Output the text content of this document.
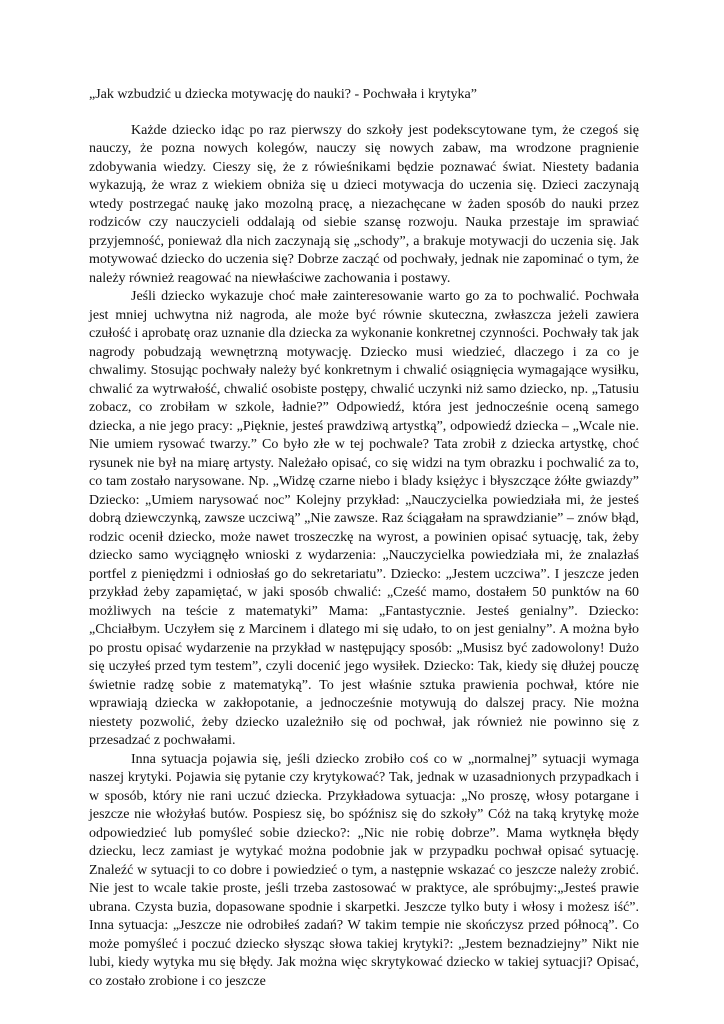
„Jak wzbudzić u dziecka motywację do nauki? - Pochwała i krytyka”

Każde dziecko idąc po raz pierwszy do szkoły jest podekscytowane tym, że czegoś się nauczy, że pozna nowych kolegów, nauczy się nowych zabaw, ma wrodzone pragnienie zdobywania wiedzy. Cieszy się, że z rówieśnikami będzie poznawać świat. Niestety badania wykazują, że wraz z wiekiem obniża się u dzieci motywacja do uczenia się. Dzieci zaczynają wtedy postrzegać naukę jako mozolną pracę, a niezachęcane w żaden sposób do nauki przez rodziców czy nauczycieli oddalają od siebie szansę rozwoju. Nauka przestaje im sprawiać przyjemność, ponieważ dla nich zaczynają się „schody”, a brakuje motywacji do uczenia się. Jak motywować dziecko do uczenia się? Dobrze zacząć od pochwały, jednak nie zapominać o tym, że należy również reagować na niewłaściwe zachowania i postawy.

Jeśli dziecko wykazuje choć małe zainteresowanie warto go za to pochwalić. Pochwała jest mniej uchwytna niż nagroda, ale może być równie skuteczna, zwłaszcza jeżeli zawiera czułość i aprobatę oraz uznanie dla dziecka za wykonanie konkretnej czynności. Pochwały tak jak nagrody pobudzają wewnętrzną motywację. Dziecko musi wiedzieć, dlaczego i za co je chwalimy. Stosując pochwały należy być konkretnym i chwalić osiągnięcia wymagające wysiłku, chwalić za wytrwałość, chwalić osobiste postępy, chwalić uczynki niż samo dziecko, np. „Tatusiu zobacz, co zrobiłam w szkole, ładnie?” Odpowiedź, która jest jednocześnie oceną samego dziecka, a nie jego pracy: „Pięknie, jesteś prawdziwą artystką”, odpowiedź dziecka – „Wcale nie. Nie umiem rysować twarzy.” Co było złe w tej pochwale? Tata zrobił z dziecka artystkę, choć rysunek nie był na miarę artysty. Należało opisać, co się widzi na tym obrazku i pochwalić za to, co tam zostało narysowane. Np. „Widzę czarne niebo i blady księżyc i błyszczące żółte gwiazdy” Dziecko: „Umiem narysować noc” Kolejny przykład: „Nauczycielka powiedziała mi, że jesteś dobrą dziewczynką, zawsze uczciwą” „Nie zawsze. Raz ściągałam na sprawdzianie” – znów błąd, rodzic ocenił dziecko, może nawet troszeczkę na wyrost, a powinien opisać sytuację, tak, żeby dziecko samo wyciągnęło wnioski z wydarzenia: „Nauczycielka powiedziała mi, że znalazłaś portfel z pieniędzmi i odniosłaś go do sekretariatu”. Dziecko: „Jestem uczciwa”. I jeszcze jeden przykład żeby zapamiętać, w jaki sposób chwalić: „Cześć mamo, dostałem 50 punktów na 60 możliwych na teście z matematyki” Mama: „Fantastycznie. Jesteś genialny”. Dziecko: „Chciałbym. Uczyłem się z Marcinem i dlatego mi się udało, to on jest genialny”. A można było po prostu opisać wydarzenie na przykład w następujący sposób: „Musisz być zadowolony! Dużo się uczyłeś przed tym testem”, czyli docenić jego wysiłek. Dziecko: Tak, kiedy się dłużej pouczę świetnie radzę sobie z matematyką”. To jest właśnie sztuka prawienia pochwał, które nie wprawiają dziecka w zakłopotanie, a jednocześnie motywują do dalszej pracy. Nie można niestety pozwolić, żeby dziecko uzależniło się od pochwał, jak również nie powinno się z przesadzać z pochwałami.

Inna sytuacja pojawia się, jeśli dziecko zrobiło coś co w „normalnej” sytuacji wymaga naszej krytyki. Pojawia się pytanie czy krytykować? Tak, jednak w uzasadnionych przypadkach i w sposób, który nie rani uczuć dziecka. Przykładowa sytuacja: „No proszę, włosy potargane i jeszcze nie włożyłaś butów. Pospiesz się, bo spóźnisz się do szkoły” Cóż na taką krytykę może odpowiedzieć lub pomyśleć sobie dziecko?: „Nic nie robię dobrze”. Mama wytknęła błędy dziecku, lecz zamiast je wytykać można podobnie jak w przypadku pochwał opisać sytuację. Znaleźć w sytuacji to co dobre i powiedzieć o tym, a następnie wskazać co jeszcze należy zrobić. Nie jest to wcale takie proste, jeśli trzeba zastosować w praktyce, ale spróbujmy:„Jesteś prawie ubrana. Czysta buzia, dopasowane spodnie i skarpetki. Jeszcze tylko buty i włosy i możesz iść”. Inna sytuacja: „Jeszcze nie odrobiłeś zadań? W takim tempie nie skończysz przed północą”. Co może pomyśleć i poczuć dziecko słysząc słowa takiej krytyki?: „Jestem beznadziejny” Nikt nie lubi, kiedy wytyka mu się błędy. Jak można więc skrytykować dziecko w takiej sytuacji? Opisać, co zostało zrobione i co jeszcze
